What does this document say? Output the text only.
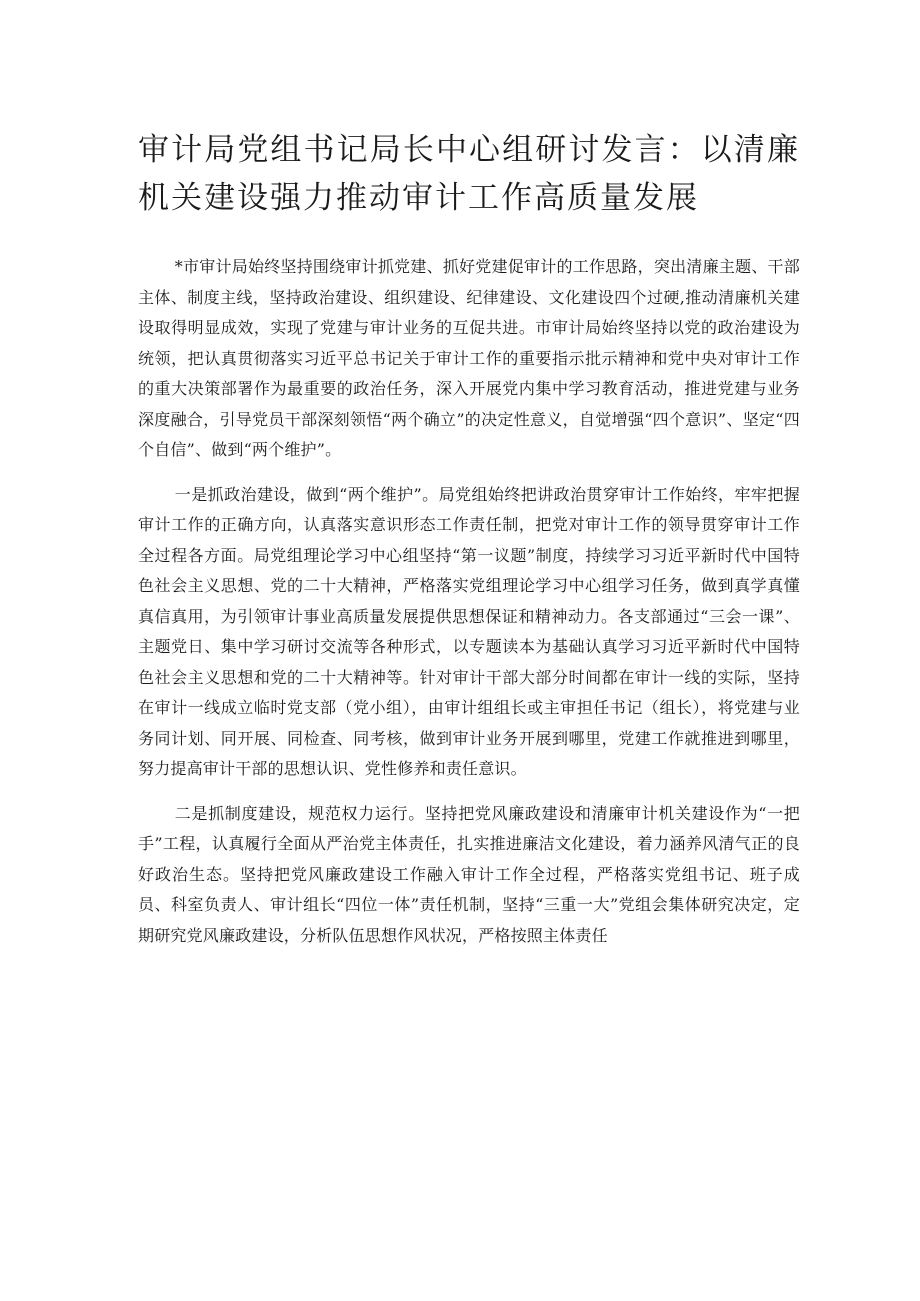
审计局党组书记局长中心组研讨发言：以清廉机关建设强力推动审计工作高质量发展

*市审计局始终坚持围绕审计抓党建、抓好党建促审计的工作思路，突出清廉主题、干部主体、制度主线，坚持政治建设、组织建设、纪律建设、文化建设四个过硬,推动清廉机关建设取得明显成效，实现了党建与审计业务的互促共进。市审计局始终坚持以党的政治建设为统领，把认真贯彻落实习近平总书记关于审计工作的重要指示批示精神和党中央对审计工作的重大决策部署作为最重要的政治任务，深入开展党内集中学习教育活动，推进党建与业务深度融合，引导党员干部深刻领悟“两个确立”的决定性意义，自觉增强“四个意识”、坚定“四个自信”、做到“两个维护”。

一是抓政治建设，做到“两个维护”。局党组始终把讲政治贯穿审计工作始终，牢牢把握审计工作的正确方向，认真落实意识形态工作责任制，把党对审计工作的领导贯穿审计工作全过程各方面。局党组理论学习中心组坚持“第一议题”制度，持续学习习近平新时代中国特色社会主义思想、党的二十大精神，严格落实党组理论学习中心组学习任务，做到真学真懂真信真用，为引领审计事业高质量发展提供思想保证和精神动力。各支部通过“三会一课”、主题党日、集中学习研讨交流等各种形式，以专题读本为基础认真学习习近平新时代中国特色社会主义思想和党的二十大精神等。针对审计干部大部分时间都在审计一线的实际，坚持在审计一线成立临时党支部（党小组），由审计组组长或主审担任书记（组长），将党建与业务同计划、同开展、同检查、同考核，做到审计业务开展到哪里，党建工作就推进到哪里，努力提高审计干部的思想认识、党性修养和责任意识。

二是抓制度建设，规范权力运行。坚持把党风廉政建设和清廉审计机关建设作为“一把手”工程，认真履行全面从严治党主体责任，扎实推进廉洁文化建设，着力涵养风清气正的良好政治生态。坚持把党风廉政建设工作融入审计工作全过程，严格落实党组书记、班子成员、科室负责人、审计组长“四位一体”责任机制，坚持“三重一大”党组会集体研究决定，定期研究党风廉政建设，分析队伍思想作风状况，严格按照主体责任
